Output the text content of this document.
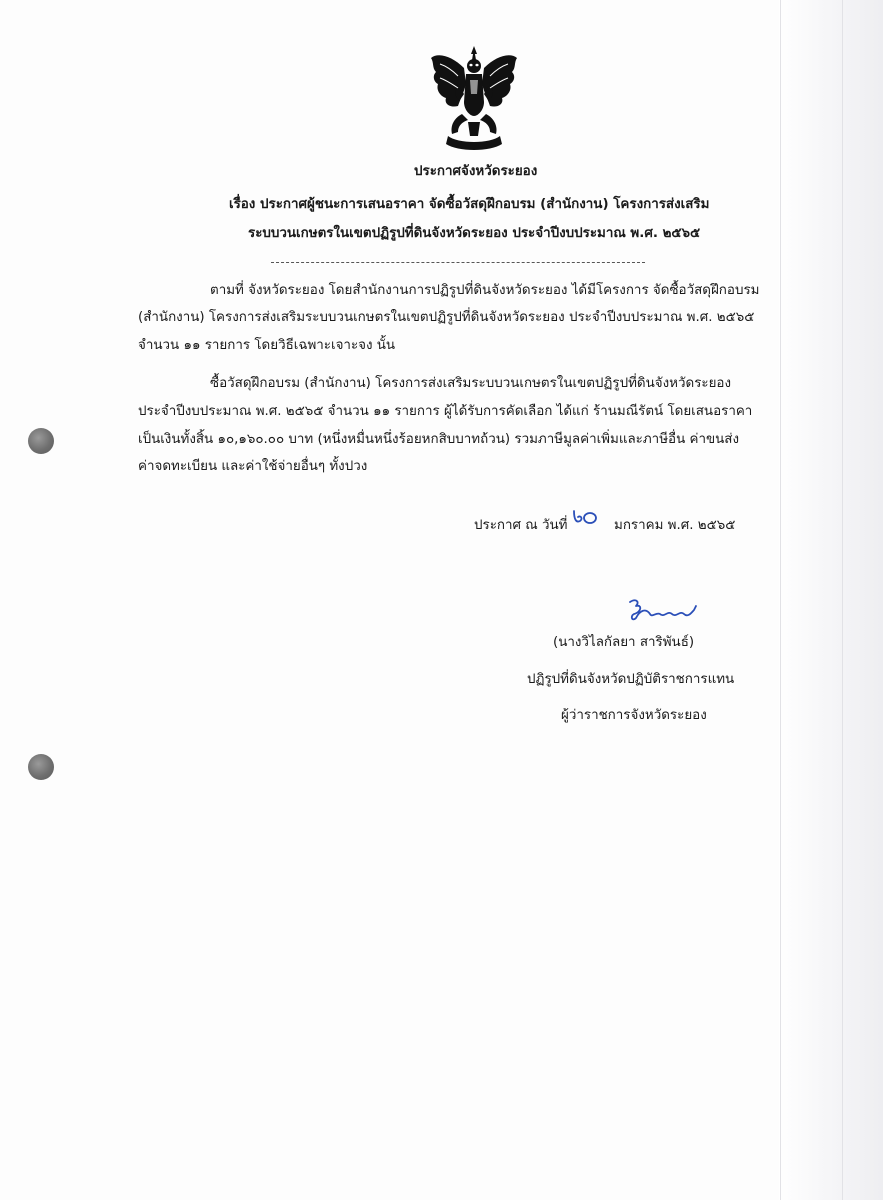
ประกาศจังหวัดระยอง
เรื่อง ประกาศผู้ชนะการเสนอราคา จัดซื้อวัสดุฝึกอบรม (สำนักงาน) โครงการส่งเสริม
ระบบวนเกษตรในเขตปฏิรูปที่ดินจังหวัดระยอง ประจำปีงบประมาณ พ.ศ. ๒๕๖๕
ตามที่ จังหวัดระยอง โดยสำนักงานการปฏิรูปที่ดินจังหวัดระยอง ได้มีโครงการ จัดซื้อวัสดุฝึกอบรม
(สำนักงาน) โครงการส่งเสริมระบบวนเกษตรในเขตปฏิรูปที่ดินจังหวัดระยอง ประจำปีงบประมาณ พ.ศ. ๒๕๖๕
จำนวน ๑๑ รายการ โดยวิธีเฉพาะเจาะจง นั้น
ซื้อวัสดุฝึกอบรม (สำนักงาน) โครงการส่งเสริมระบบวนเกษตรในเขตปฏิรูปที่ดินจังหวัดระยอง
ประจำปีงบประมาณ พ.ศ. ๒๕๖๕ จำนวน ๑๑ รายการ ผู้ได้รับการคัดเลือก ได้แก่ ร้านมณีรัตน์ โดยเสนอราคา
เป็นเงินทั้งสิ้น ๑๐,๑๖๐.๐๐ บาท (หนึ่งหมื่นหนึ่งร้อยหกสิบบาทถ้วน) รวมภาษีมูลค่าเพิ่มและภาษีอื่น ค่าขนส่ง
ค่าจดทะเบียน และค่าใช้จ่ายอื่นๆ ทั้งปวง
ประกาศ ณ วันที่	มกราคม พ.ศ. ๒๕๖๕
(นางวิไลกัลยา สาริพันธ์)
ปฏิรูปที่ดินจังหวัดปฏิบัติราชการแทน
ผู้ว่าราชการจังหวัดระยอง
